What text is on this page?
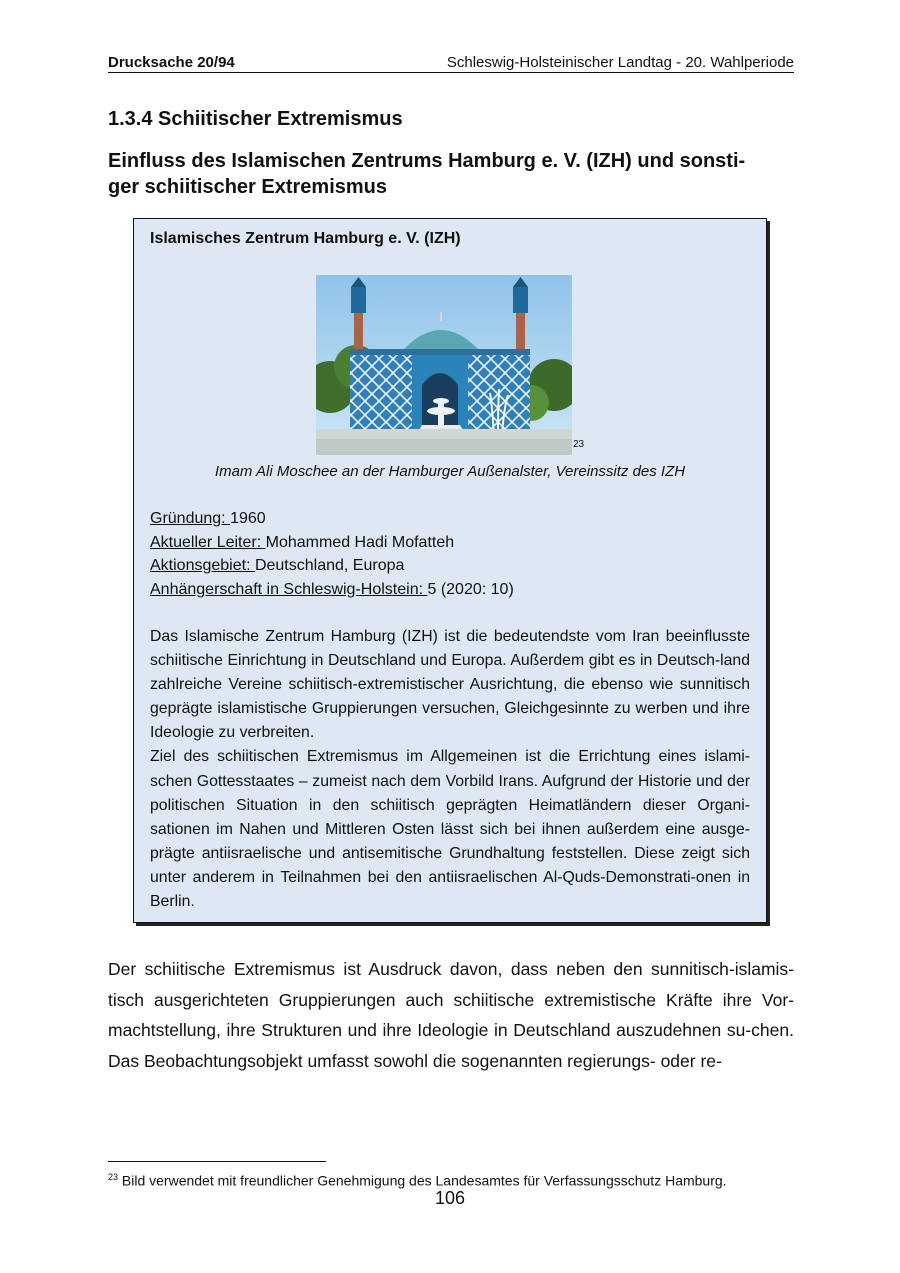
Drucksache 20/94	Schleswig-Holsteinischer Landtag - 20. Wahlperiode
1.3.4 Schiitischer Extremismus
Einfluss des Islamischen Zentrums Hamburg e. V. (IZH) und sonsti-
ger schiitischer Extremismus
Islamisches Zentrum Hamburg e. V. (IZH)
23
Imam Ali Moschee an der Hamburger Außenalster, Vereinssitz des IZH
Gründung: 1960
Aktueller Leiter: Mohammed Hadi Mofatteh
Aktionsgebiet: Deutschland, Europa
Anhängerschaft in Schleswig-Holstein: 5 (2020: 10)

Das Islamische Zentrum Hamburg (IZH) ist die bedeutendste vom Iran beeinflusste schiitische Einrichtung in Deutschland und Europa. Außerdem gibt es in Deutsch-land zahlreiche Vereine schiitisch-extremistischer Ausrichtung, die ebenso wie sunnitisch geprägte islamistische Gruppierungen versuchen, Gleichgesinnte zu werben und ihre Ideologie zu verbreiten.

Ziel des schiitischen Extremismus im Allgemeinen ist die Errichtung eines islami-schen Gottesstaates – zumeist nach dem Vorbild Irans. Aufgrund der Historie und der politischen Situation in den schiitisch geprägten Heimatländern dieser Organi-sationen im Nahen und Mittleren Osten lässt sich bei ihnen außerdem eine ausge-prägte antiisraelische und antisemitische Grundhaltung feststellen. Diese zeigt sich unter anderem in Teilnahmen bei den antiisraelischen Al-Quds-Demonstrati-onen in Berlin.

Der schiitische Extremismus ist Ausdruck davon, dass neben den sunnitisch-islamis-tisch ausgerichteten Gruppierungen auch schiitische extremistische Kräfte ihre Vor-machtstellung, ihre Strukturen und ihre Ideologie in Deutschland auszudehnen su-chen. Das Beobachtungsobjekt umfasst sowohl die sogenannten regierungs- oder re-

$^{23}$ Bild verwendet mit freundlicher Genehmigung des Landesamtes für Verfassungsschutz Hamburg.
106
